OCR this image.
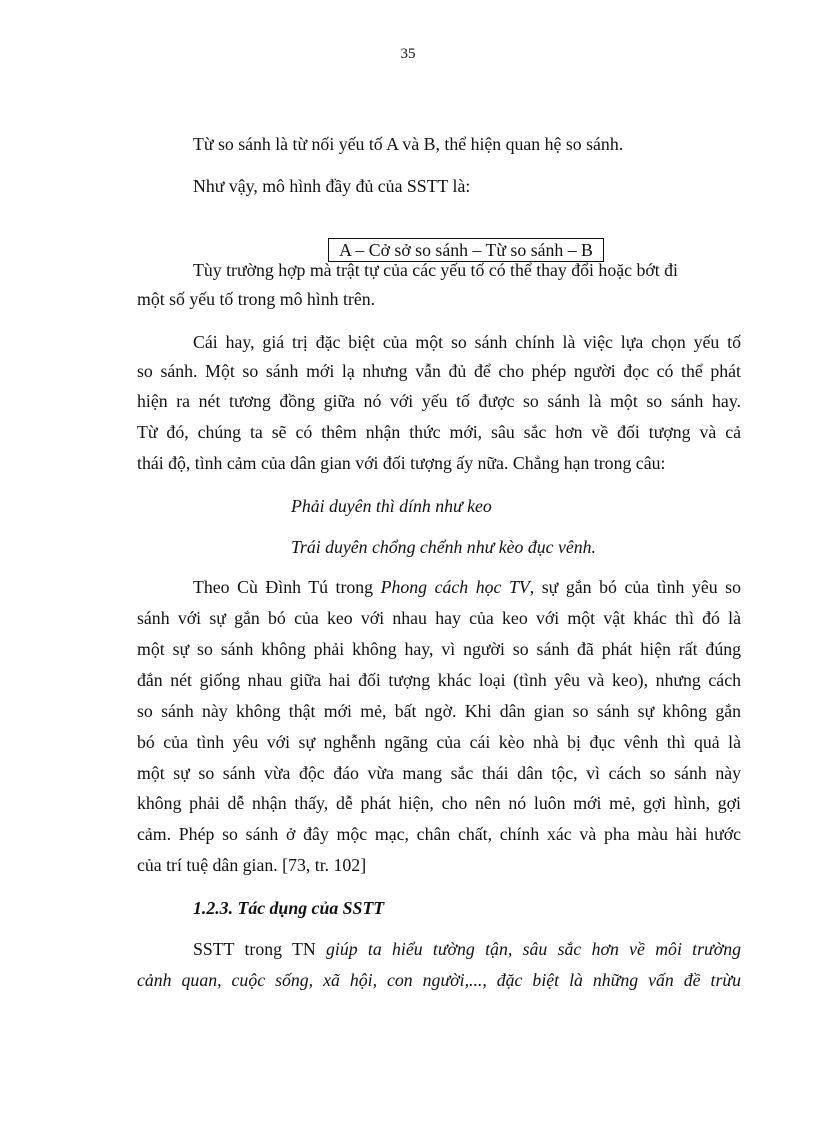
35
Từ so sánh là từ nối yếu tố A và B, thể hiện quan hệ so sánh.
Như vậy, mô hình đầy đủ của SSTT là:
A – Cở sở so sánh – Từ so sánh – B
Tùy trường hợp mà trật tự của các yếu tố có thể thay đổi hoặc bớt đi
một số yếu tố trong mô hình trên.
Cái hay, giá trị đặc biệt của một so sánh chính là việc lựa chọn yếu tố
so sánh. Một so sánh mới lạ nhưng vẫn đủ để cho phép người đọc có thể phát
hiện ra nét tương đồng giữa nó với yếu tố được so sánh là một so sánh hay.
Từ đó, chúng ta sẽ có thêm nhận thức mới, sâu sắc hơn về đối tượng và cả
thái độ, tình cảm của dân gian với đối tượng ấy nữa. Chẳng hạn trong câu:
Phải duyên thì dính như keo
Trái duyên chổng chểnh như kèo đục vênh.
Theo Cù Đình Tú trong Phong cách học TV, sự gắn bó của tình yêu so
sánh với sự gắn bó của keo với nhau hay của keo với một vật khác thì đó là
một sự so sánh không phải không hay, vì người so sánh đã phát hiện rất đúng
đắn nét giống nhau giữa hai đối tượng khác loại (tình yêu và keo), nhưng cách
so sánh này không thật mới mẻ, bất ngờ. Khi dân gian so sánh sự không gắn
bó của tình yêu với sự nghễnh ngãng của cái kèo nhà bị đục vênh thì quả là
một sự so sánh vừa độc đáo vừa mang sắc thái dân tộc, vì cách so sánh này
không phải dễ nhận thấy, dễ phát hiện, cho nên nó luôn mới mẻ, gợi hình, gợi
cảm. Phép so sánh ở đây mộc mạc, chân chất, chính xác và pha màu hài hước
của trí tuệ dân gian. [73, tr. 102]
1.2.3. Tác dụng của SSTT
SSTT trong TN giúp ta hiểu tường tận, sâu sắc hơn về môi trường
cảnh quan, cuộc sống, xã hội, con người,..., đặc biệt là những vấn đề trừu
